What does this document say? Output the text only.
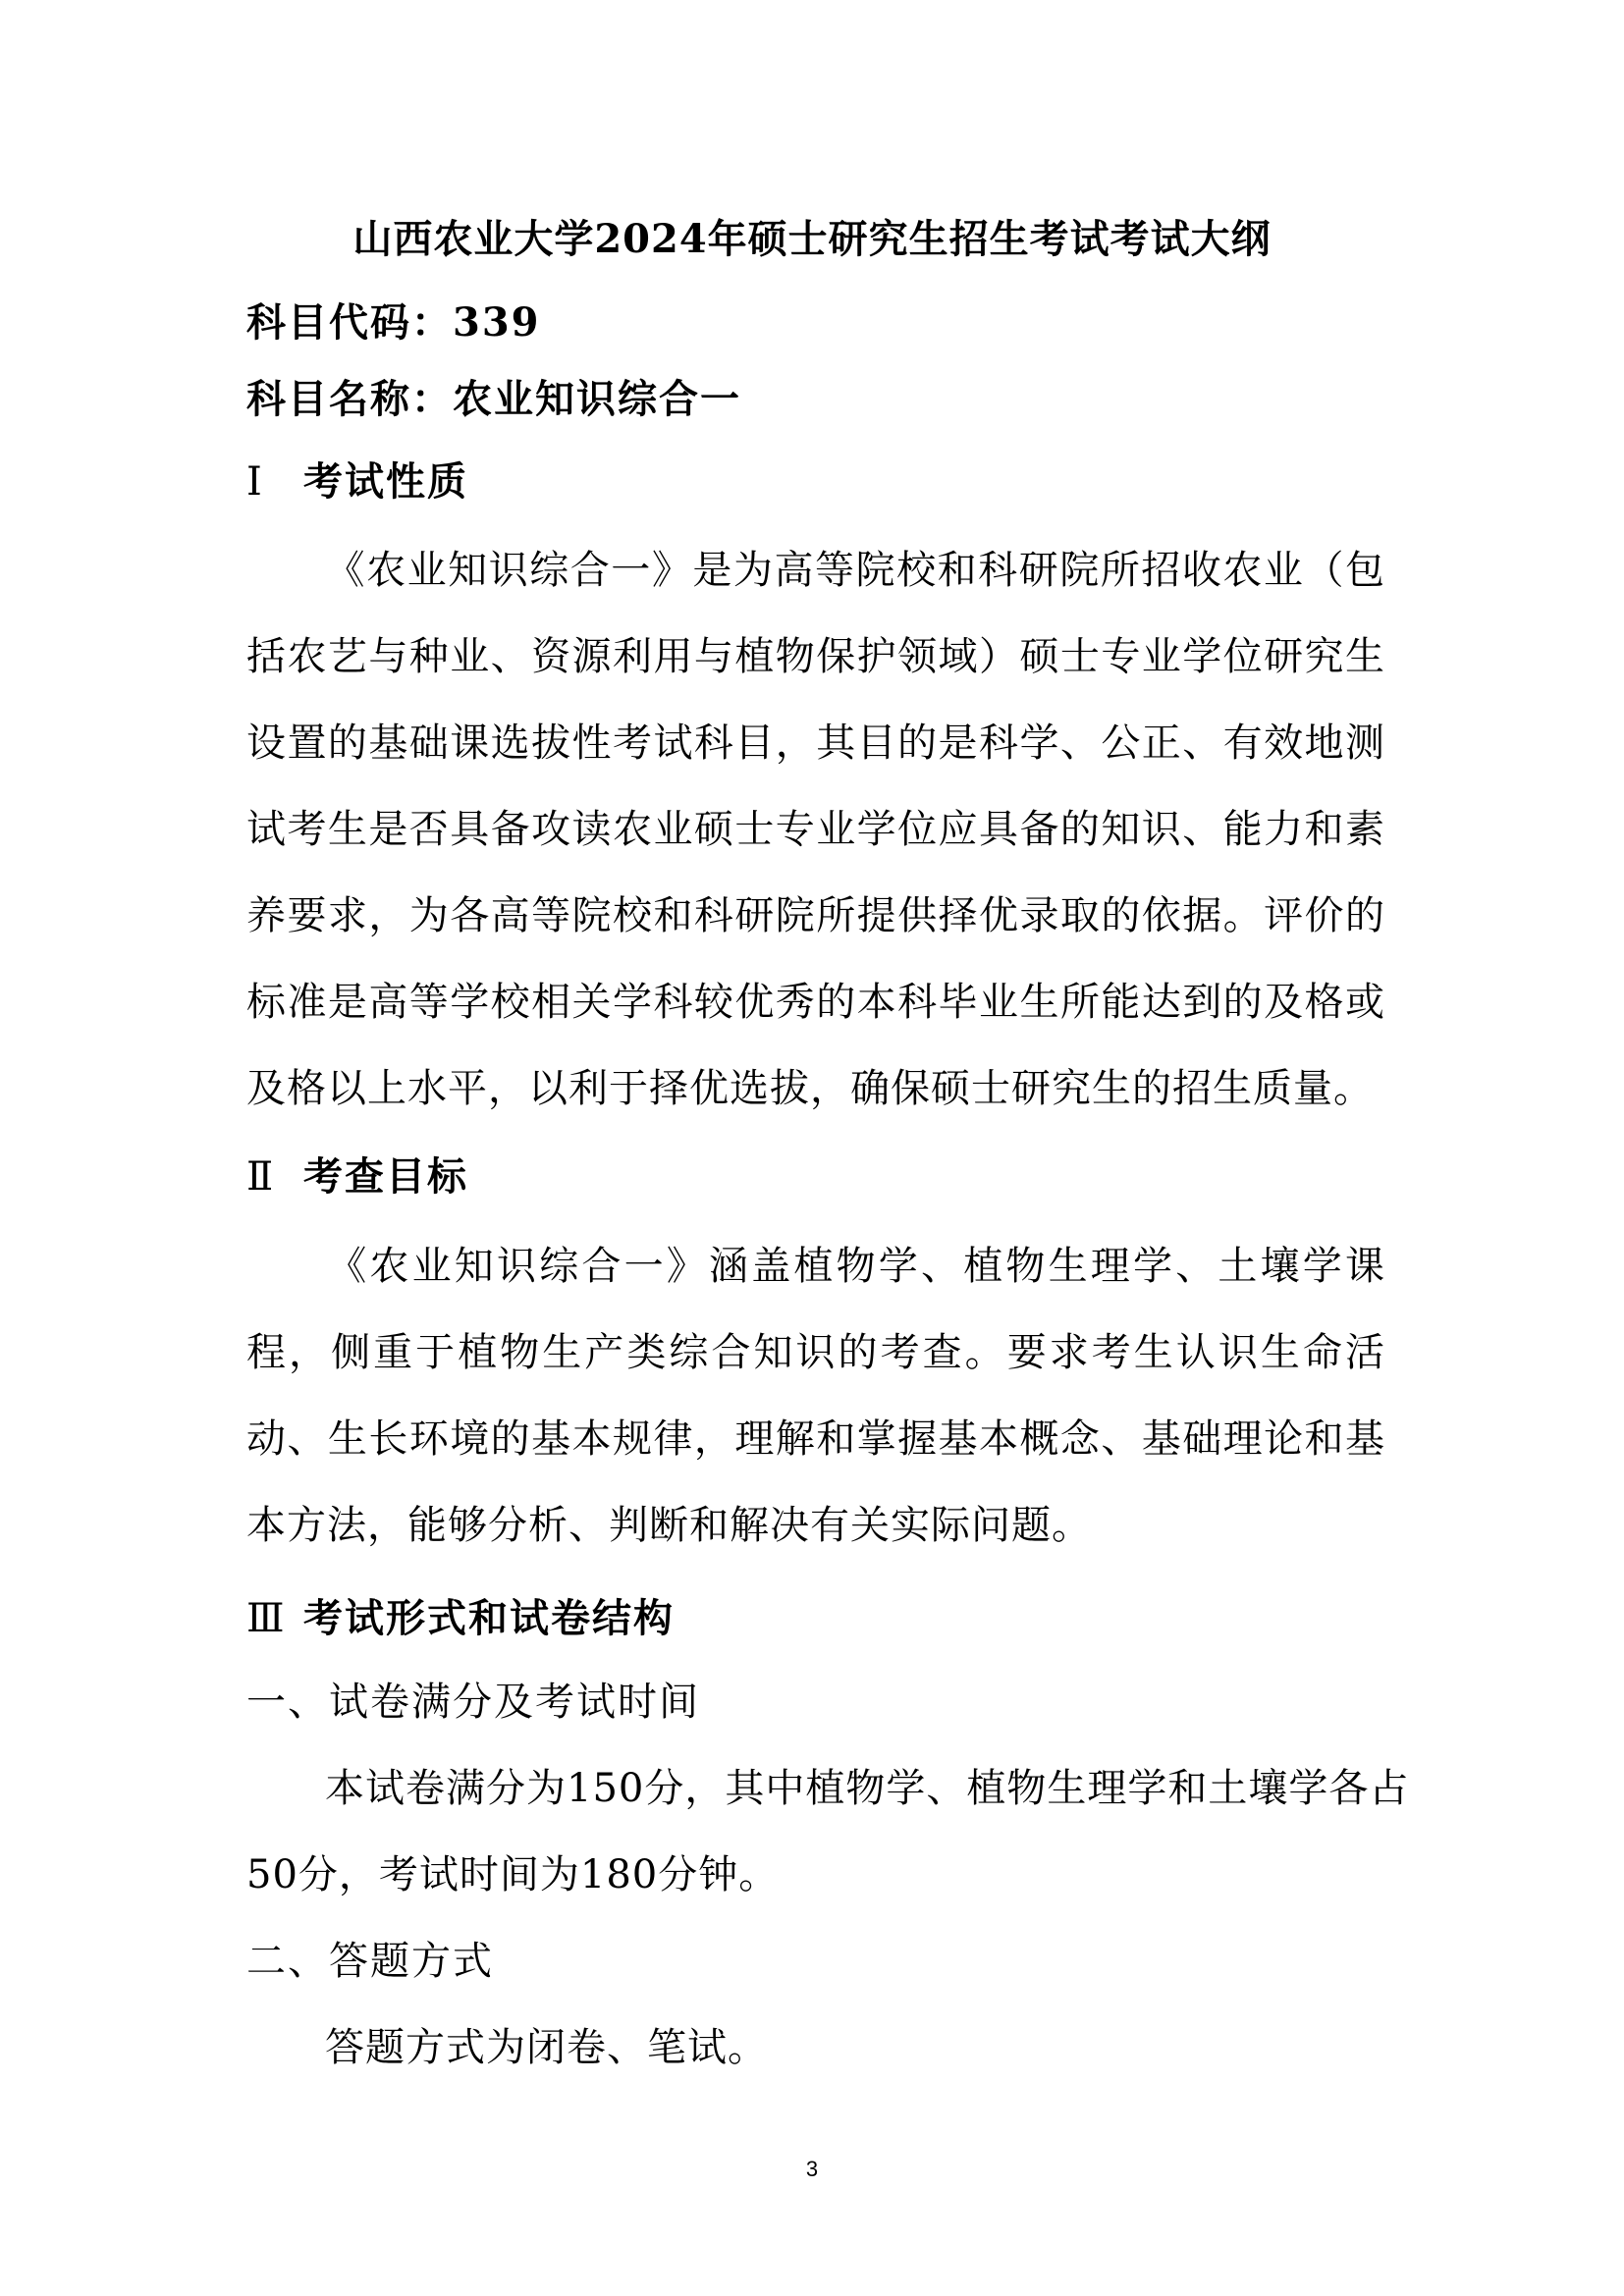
山西农业大学2024年硕士研究生招生考试考试大纲
科目代码：339
科目名称：农业知识综合一
Ⅰ 考试性质
《农业知识综合一》是为高等院校和科研院所招收农业（包括农艺与种业、资源利用与植物保护领域）硕士专业学位研究生设置的基础课选拔性考试科目，其目的是科学、公正、有效地测试考生是否具备攻读农业硕士专业学位应具备的知识、能力和素养要求，为各高等院校和科研院所提供择优录取的依据。评价的标准是高等学校相关学科较优秀的本科毕业生所能达到的及格或及格以上水平，以利于择优选拔，确保硕士研究生的招生质量。
Ⅱ 考查目标
《农业知识综合一》涵盖植物学、植物生理学、土壤学课程，侧重于植物生产类综合知识的考查。要求考生认识生命活动、生长环境的基本规律，理解和掌握基本概念、基础理论和基本方法，能够分析、判断和解决有关实际问题。
Ⅲ 考试形式和试卷结构
一、试卷满分及考试时间
本试卷满分为150分，其中植物学、植物生理学和土壤学各占
50分，考试时间为180分钟。
二、答题方式
答题方式为闭卷、笔试。
3
